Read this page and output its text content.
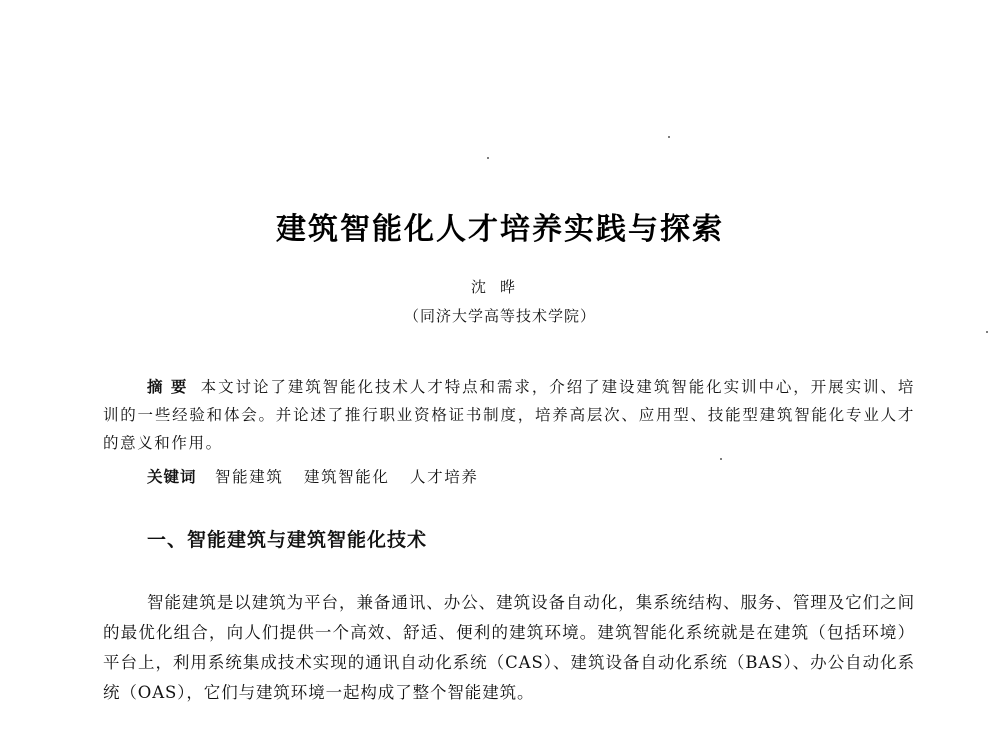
建筑智能化人才培养实践与探索
沈晔
（同济大学高等技术学院）
摘要 本文讨论了建筑智能化技术人才特点和需求，介绍了建设建筑智能化实训中心，开展实训、培训的一些经验和体会。并论述了推行职业资格证书制度，培养高层次、应用型、技能型建筑智能化专业人才的意义和作用。
关键词 智能建筑 建筑智能化 人才培养
一、智能建筑与建筑智能化技术
智能建筑是以建筑为平台，兼备通讯、办公、建筑设备自动化，集系统结构、服务、管理及它们之间的最优化组合，向人们提供一个高效、舒适、便利的建筑环境。建筑智能化系统就是在建筑（包括环境）平台上，利用系统集成技术实现的通讯自动化系统（CAS）、建筑设备自动化系统（BAS）、办公自动化系统（OAS），它们与建筑环境一起构成了整个智能建筑。
